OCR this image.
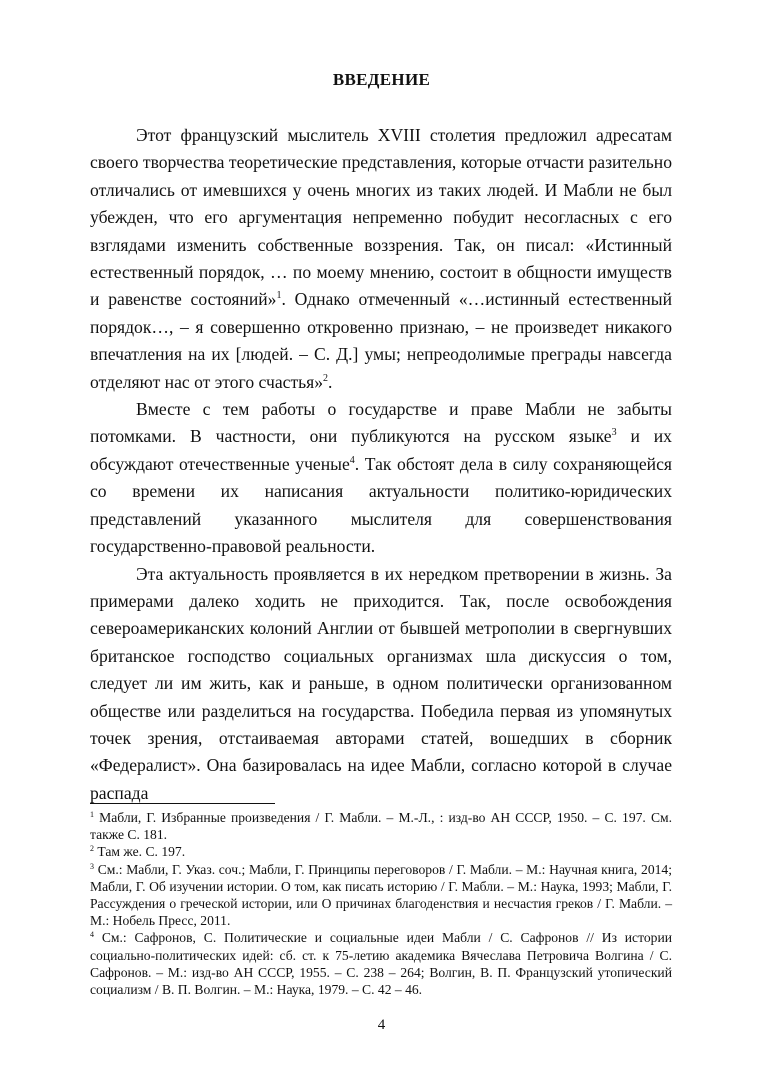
ВВЕДЕНИЕ

Этот французский мыслитель XVIII столетия предложил адресатам своего творчества теоретические представления, которые отчасти разительно отличались от имевшихся у очень многих из таких людей. И Мабли не был убежден, что его аргументация непременно побудит несогласных с его взглядами изменить собственные воззрения. Так, он писал: «Истинный естественный порядок, … по моему мнению, состоит в общности имуществ и равенстве состояний»$^1$. Однако отмеченный «…истинный естественный порядок…, – я совершенно откровенно признаю, – не произведет никакого впечатления на их [людей. – С. Д.] умы; непреодолимые преграды навсегда отделяют нас от этого счастья»$^2$.

Вместе с тем работы о государстве и праве Мабли не забыты потомками. В частности, они публикуются на русском языке$^3$ и их обсуждают отечественные ученые$^4$. Так обстоят дела в силу сохраняющейся со времени их написания актуальности политико-юридических представлений указанного мыслителя для совершенствования государственно-правовой реальности.

Эта актуальность проявляется в их нередком претворении в жизнь. За примерами далеко ходить не приходится. Так, после освобождения североамериканских колоний Англии от бывшей метрополии в свергнувших британское господство социальных организмах шла дискуссия о том, следует ли им жить, как и раньше, в одном политически организованном обществе или разделиться на государства. Победила первая из упомянутых точек зрения, отстаиваемая авторами статей, вошедших в сборник «Федералист». Она базировалась на идее Мабли, согласно которой в случае распада

$^1$ Мабли, Г. Избранные произведения / Г. Мабли. – М.-Л., : изд-во АН СССР, 1950. – С. 197. См. также С. 181.

$^2$ Там же. С. 197.

$^3$ См.: Мабли, Г. Указ. соч.; Мабли, Г. Принципы переговоров / Г. Мабли. – М.: Научная книга, 2014; Мабли, Г. Об изучении истории. О том, как писать историю / Г. Мабли. – М.: Наука, 1993; Мабли, Г. Рассуждения о греческой истории, или О причинах благоденствия и несчастия греков / Г. Мабли. – М.: Нобель Пресс, 2011.

$^4$ См.: Сафронов, С. Политические и социальные идеи Мабли / С. Сафронов // Из истории социально-политических идей: сб. ст. к 75-летию академика Вячеслава Петровича Волгина / С. Сафронов. – М.: изд-во АН СССР, 1955. – С. 238 – 264; Волгин, В. П. Французский утопический социализм / В. П. Волгин. – М.: Наука, 1979. – С. 42 – 46.

4
